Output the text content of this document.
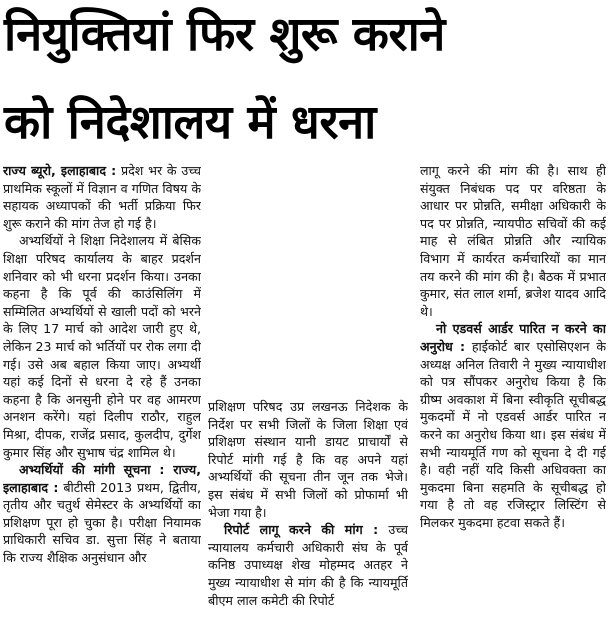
नियुक्तियां फिर शुरू कराने
को निदेशालय में धरना

राज्य ब्यूरो, इलाहाबाद : प्रदेश भर के उच्च प्राथमिक स्कूलों में विज्ञान व गणित विषय के सहायक अध्यापकों की भर्ती प्रक्रिया फिर शुरू कराने की मांग तेज हो गई है।

अभ्यर्थियों ने शिक्षा निदेशालय में बेसिक शिक्षा परिषद कार्यालय के बाहर प्रदर्शन शनिवार को भी धरना प्रदर्शन किया। उनका कहना है कि पूर्व की काउंसिलिंग में सम्मिलित अभ्यर्थियों से खाली पदों को भरने के लिए 17 मार्च को आदेश जारी हुए थे, लेकिन 23 मार्च को भर्तियों पर रोक लगा दी गई। उसे अब बहाल किया जाए। अभ्यर्थी यहां कई दिनों से धरना दे रहे हैं उनका कहना है कि अनसुनी होने पर वह आमरण अनशन करेंगे। यहां दिलीप राठौर, राहुल मिश्रा, दीपक, राजेंद्र प्रसाद, कुलदीप, दुर्गेश कुमार सिंह और सुभाष चंद्र शामिल थे।

अभ्यर्थियों की मांगी सूचना : राज्य, इलाहाबाद : बीटीसी 2013 प्रथम, द्वितीय, तृतीय और चतुर्थ सेमेस्टर के अभ्यर्थियों का प्रशिक्षण पूरा हो चुका है। परीक्षा नियामक प्राधिकारी सचिव डा. सुत्ता सिंह ने बताया कि राज्य शैक्षिक अनुसंधान और

प्रशिक्षण परिषद उप्र लखनऊ निदेशक के निर्देश पर सभी जिलों के जिला शिक्षा एवं प्रशिक्षण संस्थान यानी डायट प्राचार्यों से रिपोर्ट मांगी गई है कि वह अपने यहां अभ्यर्थियों की सूचना तीन जून तक भेजे। इस संबंध में सभी जिलों को प्रोफार्मा भी भेजा गया है।

रिपोर्ट लागू करने की मांग : उच्च न्यायालय कर्मचारी अधिकारी संघ के पूर्व कनिष्ठ उपाध्यक्ष शेख मोहम्मद अतहर ने मुख्य न्यायाधीश से मांग की है कि न्यायमूर्ति बीएम लाल कमेटी की रिपोर्ट

लागू करने की मांग की है। साथ ही संयुक्त निबंधक पद पर वरिष्ठता के आधार पर प्रोन्नति, समीक्षा अधिकारी के पद पर प्रोन्नति, न्यायपीठ सचिवों की कई माह से लंबित प्रोन्नति और न्यायिक विभाग में कार्यरत कर्मचारियों का मान तय करने की मांग की है। बैठक में प्रभात कुमार, संत लाल शर्मा, ब्रजेश यादव आदि थे।

नो एडवर्स आर्डर पारित न करने का अनुरोध : हाईकोर्ट बार एसोसिएशन के अध्यक्ष अनिल तिवारी ने मुख्य न्यायाधीश को पत्र सौंपकर अनुरोध किया है कि ग्रीष्म अवकाश में बिना स्वीकृति सूचीबद्ध मुकदमों में नो एडवर्स आर्डर पारित न करने का अनुरोध किया था। इस संबंध में सभी न्यायमूर्ति गण को सूचना दे दी गई है। वही नहीं यदि किसी अधिवक्ता का मुकदमा बिना सहमति के सूचीबद्ध हो गया है तो वह रजिस्ट्रार लिस्टिंग से मिलकर मुकदमा हटवा सकते हैं।
